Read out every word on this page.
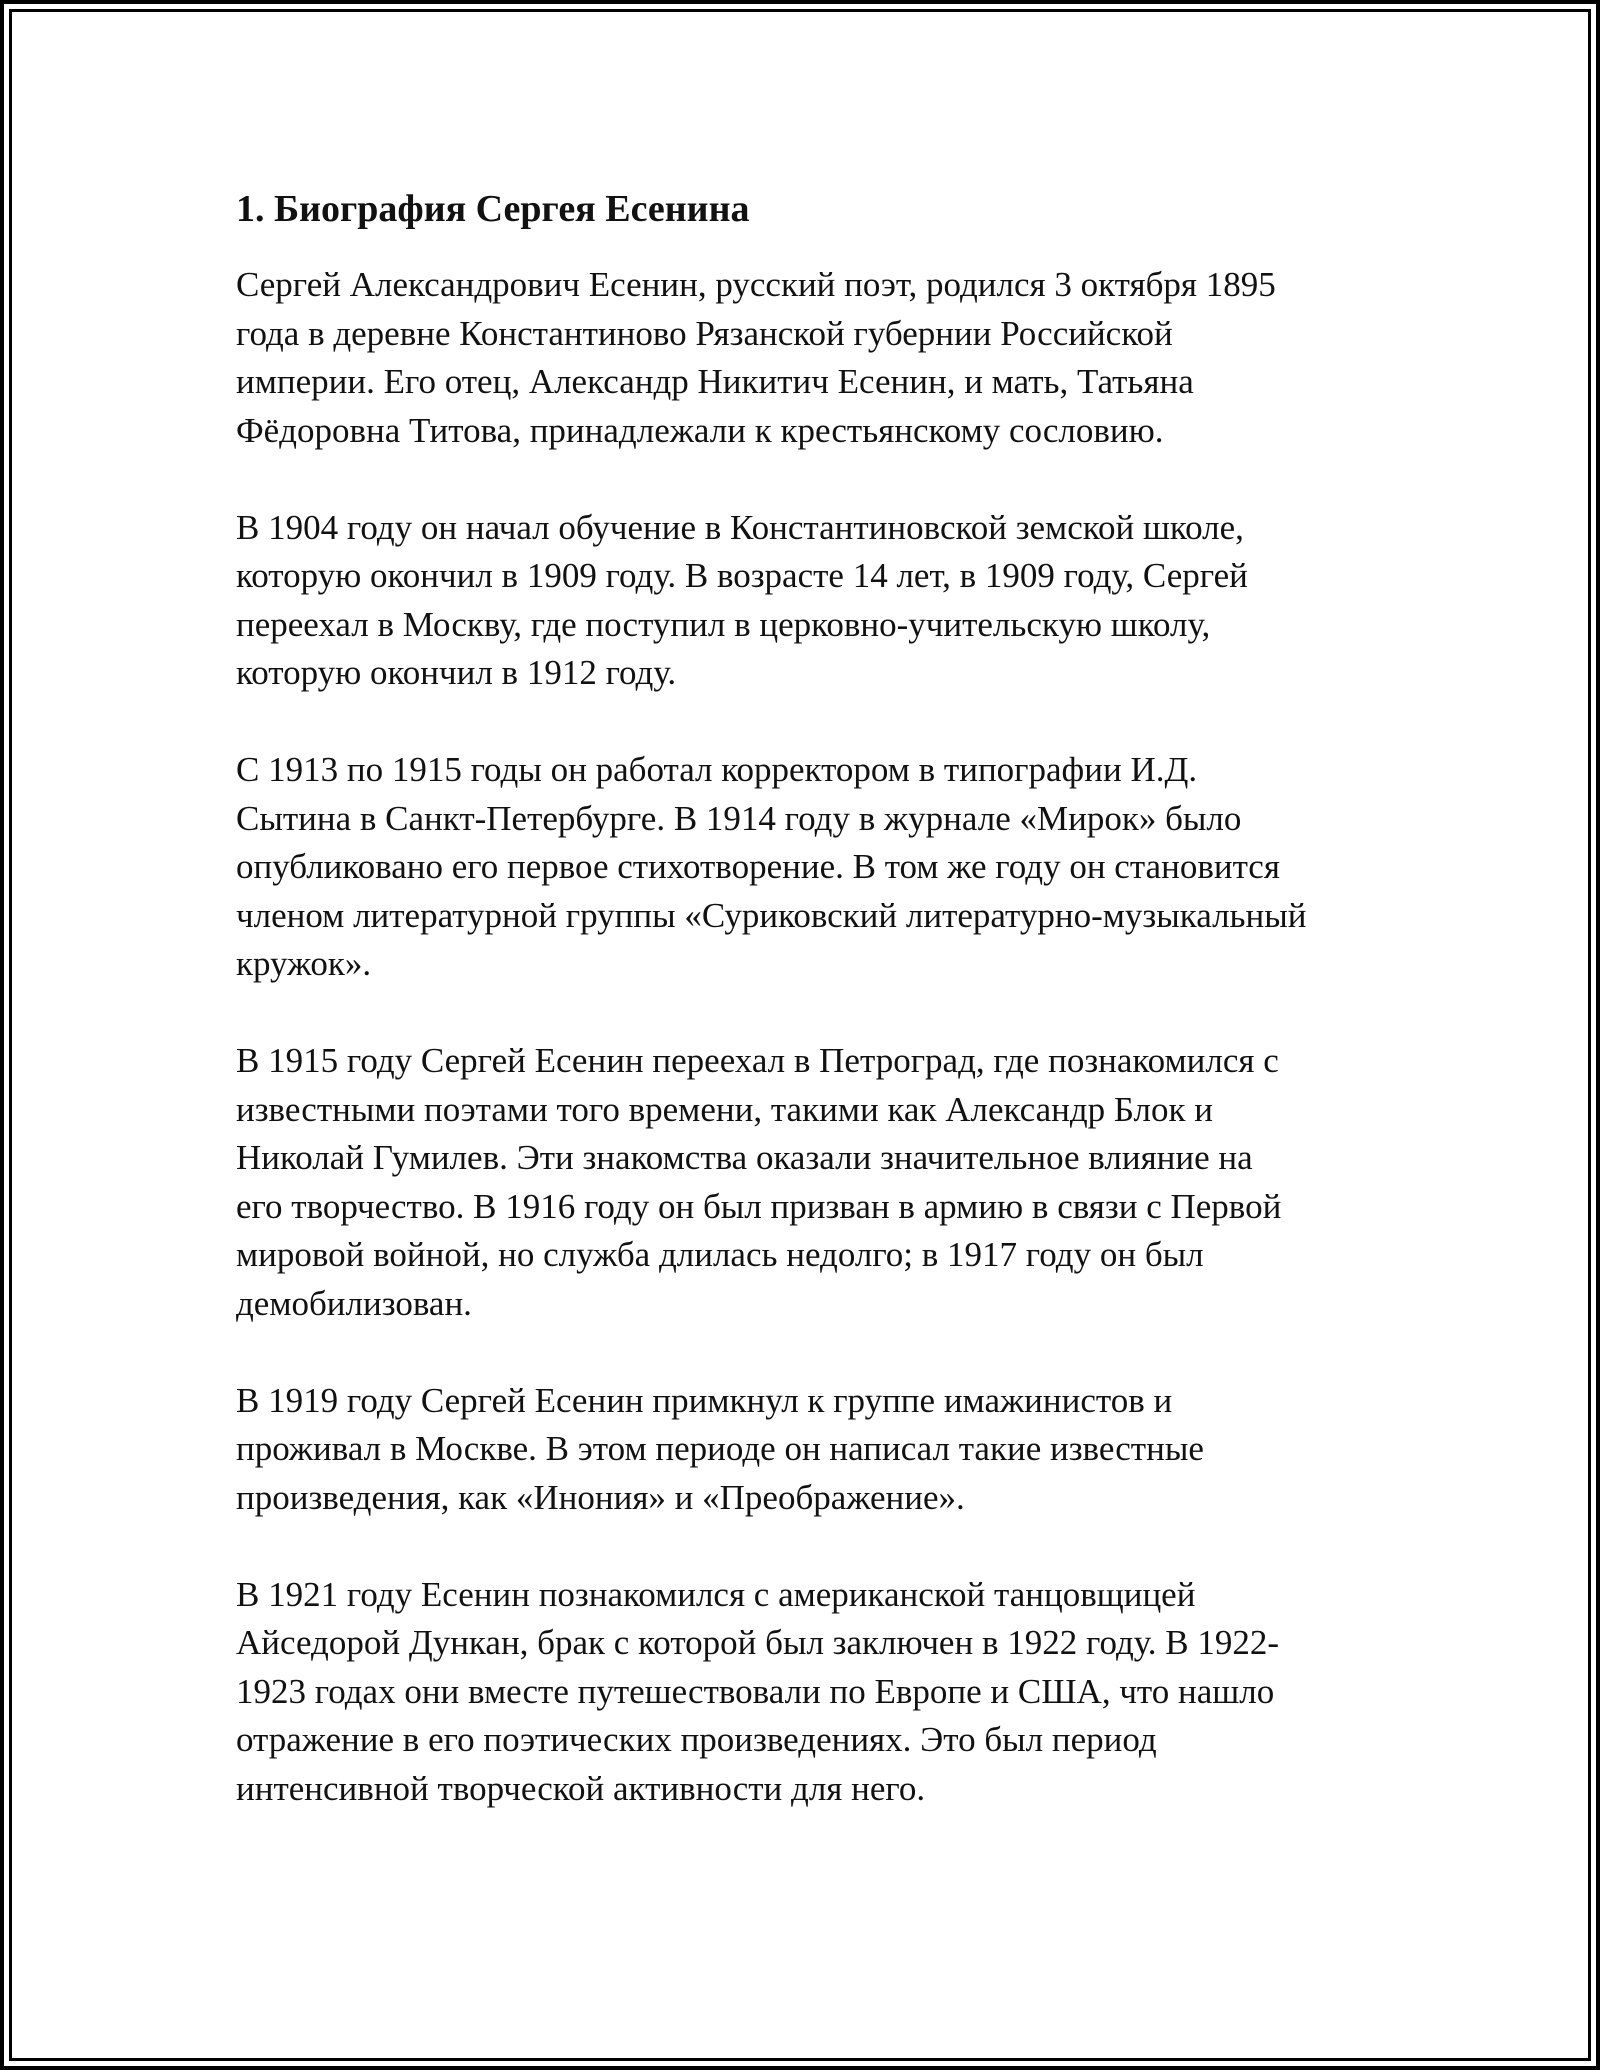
1. Биография Сергея Есенина
Сергей Александрович Есенин, русский поэт, родился 3 октября 1895
года в деревне Константиново Рязанской губернии Российской
империи. Его отец, Александр Никитич Есенин, и мать, Татьяна
Фёдоровна Титова, принадлежали к крестьянскому сословию.
В 1904 году он начал обучение в Константиновской земской школе,
которую окончил в 1909 году. В возрасте 14 лет, в 1909 году, Сергей
переехал в Москву, где поступил в церковно-учительскую школу,
которую окончил в 1912 году.
С 1913 по 1915 годы он работал корректором в типографии И.Д.
Сытина в Санкт-Петербурге. В 1914 году в журнале «Мирок» было
опубликовано его первое стихотворение. В том же году он становится
членом литературной группы «Суриковский литературно-музыкальный
кружок».
В 1915 году Сергей Есенин переехал в Петроград, где познакомился с
известными поэтами того времени, такими как Александр Блок и
Николай Гумилев. Эти знакомства оказали значительное влияние на
его творчество. В 1916 году он был призван в армию в связи с Первой
мировой войной, но служба длилась недолго; в 1917 году он был
демобилизован.
В 1919 году Сергей Есенин примкнул к группе имажинистов и
проживал в Москве. В этом периоде он написал такие известные
произведения, как «Инония» и «Преображение».
В 1921 году Есенин познакомился с американской танцовщицей
Айседорой Дункан, брак с которой был заключен в 1922 году. В 1922-
1923 годах они вместе путешествовали по Европе и США, что нашло
отражение в его поэтических произведениях. Это был период
интенсивной творческой активности для него.
